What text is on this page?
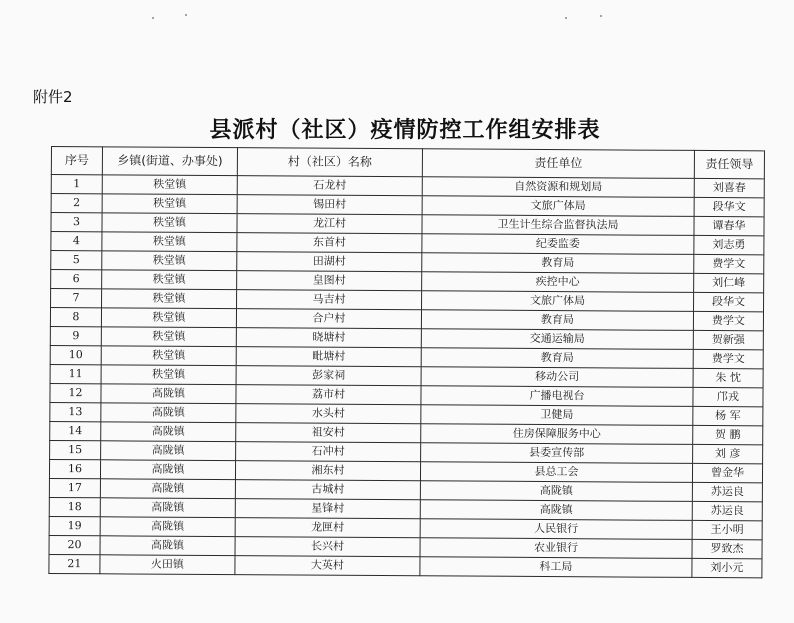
附件2
县派村（社区）疫情防控工作组安排表
序号	乡镇(街道、办事处)	村（社区）名称	责任单位	责任领导
1	秩堂镇	石龙村	自然资源和规划局	刘喜春
2	秩堂镇	锡田村	文旅广体局	段华文
3	秩堂镇	龙江村	卫生计生综合监督执法局	谭春华
4	秩堂镇	东首村	纪委监委	刘志勇
5	秩堂镇	田湖村	教育局	费学文
6	秩堂镇	皇图村	疾控中心	刘仁峰
7	秩堂镇	马吉村	文旅广体局	段华文
8	秩堂镇	合户村	教育局	费学文
9	秩堂镇	晓塘村	交通运输局	贺新强
10	秩堂镇	毗塘村	教育局	费学文
11	秩堂镇	彭家祠	移动公司	朱 忱
12	高陇镇	荔市村	广播电视台	邝戎
13	高陇镇	水头村	卫健局	杨 军
14	高陇镇	祖安村	住房保障服务中心	贺 鹏
15	高陇镇	石冲村	县委宣传部	刘 彦
16	高陇镇	湘东村	县总工会	曾金华
17	高陇镇	古城村	高陇镇	苏运良
18	高陇镇	星锋村	高陇镇	苏运良
19	高陇镇	龙匣村	人民银行	王小明
20	高陇镇	长兴村	农业银行	罗致杰
21	火田镇	大英村	科工局	刘小元
